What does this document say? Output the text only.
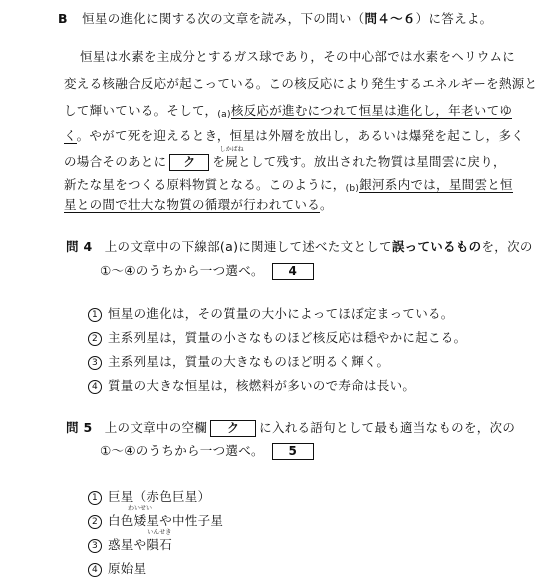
B 恒星の進化に関する次の文章を読み，下の問い（問４～６）に答えよ。
恒星は水素を主成分とするガス球であり，その中心部では水素をヘリウムに
変える核融合反応が起こっている。この核反応により発生するエネルギーを熱源と
して輝いている。そして，(a)核反応が進むにつれて恒星は進化し，年老いてゆ
く。やがて死を迎えるとき，恒星は外層を放出し，あるいは爆発を起こし，多く
の場合そのあとに ク を
しかばね
屍として残す。放出された物質は星間雲に戻り，
新たな星をつくる原料物質となる。このように，(b)銀河系内では，星間雲と恒
星との間で壮大な物質の循環が行われている。
問 4 上の文章中の下線部(a)に関連して述べた文として誤っているものを，次の
①～④のうちから一つ選べ。 4
1 恒星の進化は，その質量の大小によってほぼ定まっている。
2 主系列星は，質量の小さなものほど核反応は穏やかに起こる。
3 主系列星は，質量の大きなものほど明るく輝く。
4 質量の大きな恒星は，核燃料が多いので寿命は長い。
問 5 上の文章中の空欄 ク に入れる語句として最も適当なものを，次の
①～④のうちから一つ選べ。 5
1 巨星（赤色巨星）
2 白色
わいせい
矮星や中性子星
3 惑星や
いんせき
隕石
4 原始星
